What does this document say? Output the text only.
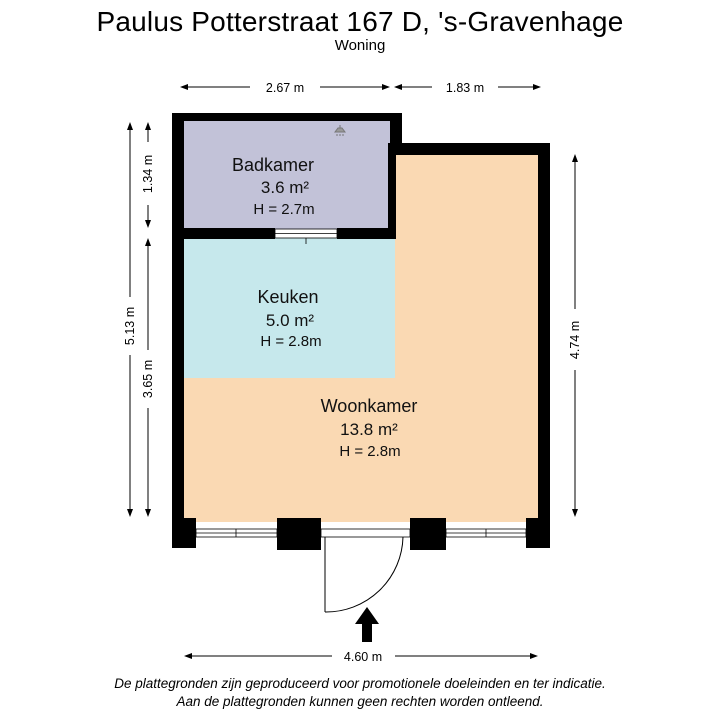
Paulus Potterstraat 167 D, 's-Gravenhage
Woning
Badkamer
3.6 m²
H = 2.7m
Keuken
5.0 m²
H = 2.8m
Woonkamer
13.8 m²
H = 2.8m
2.67 m	1.83 m
5.13 m
1.34 m
3.65 m
4.74 m
4.60 m
De plattegronden zijn geproduceerd voor promotionele doeleinden en ter indicatie.
Aan de plattegronden kunnen geen rechten worden ontleend.
